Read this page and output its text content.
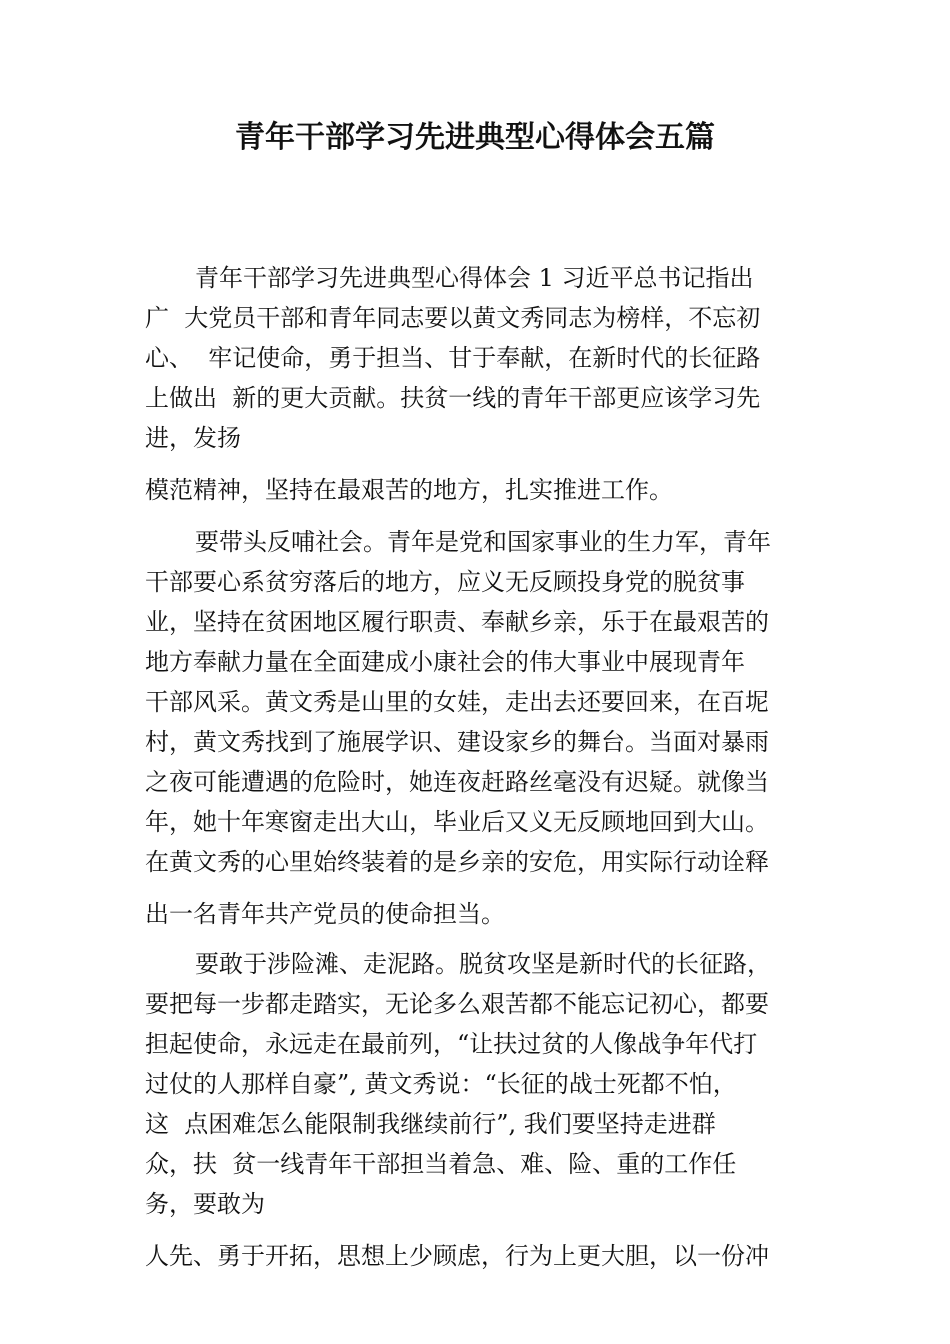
青年干部学习先进典型心得体会五篇
青年干部学习先进典型心得体会 1 习近平总书记指出
广  大党员干部和青年同志要以黄文秀同志为榜样，不忘初
心、  牢记使命，勇于担当、甘于奉献，在新时代的长征路
上做出  新的更大贡献。扶贫一线的青年干部更应该学习先
进，发扬
模范精神，坚持在最艰苦的地方，扎实推进工作。
要带头反哺社会。青年是党和国家事业的生力军，青年
干部要心系贫穷落后的地方，应义无反顾投身党的脱贫事
业，坚持在贫困地区履行职责、奉献乡亲，乐于在最艰苦的
地方奉献力量在全面建成小康社会的伟大事业中展现青年
干部风采。黄文秀是山里的女娃，走出去还要回来，在百坭
村，黄文秀找到了施展学识、建设家乡的舞台。当面对暴雨
之夜可能遭遇的危险时，她连夜赶路丝毫没有迟疑。就像当
年，她十年寒窗走出大山，毕业后又义无反顾地回到大山。
在黄文秀的心里始终装着的是乡亲的安危，用实际行动诠释
出一名青年共产党员的使命担当。
要敢于涉险滩、走泥路。脱贫攻坚是新时代的长征路，
要把每一步都走踏实，无论多么艰苦都不能忘记初心，都要
担起使命，永远走在最前列，“让扶过贫的人像战争年代打
过仗的人那样自豪”, 黄文秀说：“长征的战士死都不怕，
这  点困难怎么能限制我继续前行”, 我们要坚持走进群
众，扶  贫一线青年干部担当着急、难、险、重的工作任
务，要敢为
人先、勇于开拓，思想上少顾虑，行为上更大胆，以一份冲
